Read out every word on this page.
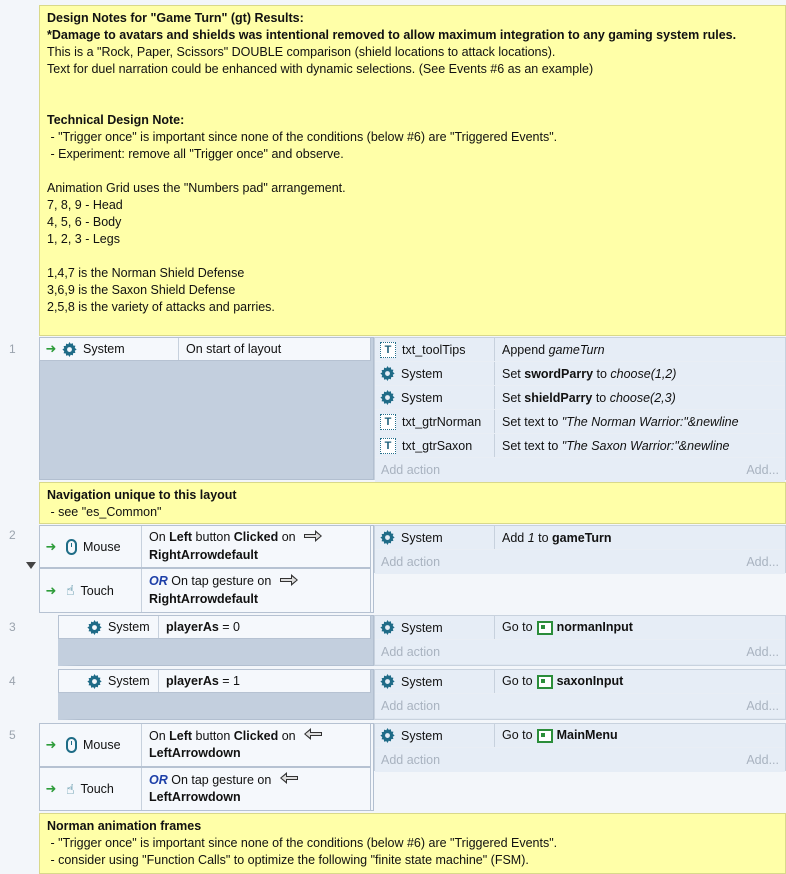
Design Notes for "Game Turn" (gt) Results:
*Damage to avatars and shields was intentional removed to allow maximum integration to any gaming system rules.
This is a "Rock, Paper, Scissors" DOUBLE comparison (shield locations to attack locations).
Text for duel narration could be enhanced with dynamic selections. (See Events #6 as an example)
Technical Design Note:
- "Trigger once" is important since none of the conditions (below #6) are "Triggered Events".
- Experiment: remove all "Trigger once" and observe.
Animation Grid uses the "Numbers pad" arrangement.
7, 8, 9 - Head
4, 5, 6 - Body
1, 2, 3 - Legs
1,4,7 is the Norman Shield Defense
3,6,9 is the Saxon Shield Defense
2,5,8 is the variety of attacks and parries.
1	➜	System	On start of layout	T txt_toolTips	Append gameTurn
System	Set swordParry to choose(1,2)
System	Set shieldParry to choose(2,3)
T txt_gtrNorman	Set text to "The Norman Warrior:"&newline
T txt_gtrSaxon	Set text to "The Saxon Warrior:"&newline
Add action	Add...
Navigation unique to this layout
- see "es_Common"
2
➜	Mouse
On Left button Clicked on
RightArrowdefault
➜ ☝ Touch
OR On tap gesture on
RightArrowdefault
System	Add 1 to gameTurn
Add action	Add...
3	System	playerAs = 0	System	Go to normanInput
Add action	Add...
4	System	playerAs = 1	System	Go to saxonInput
Add action	Add...
5
➜	Mouse
On Left button Clicked on
LeftArrowdown
➜ ☝ Touch
OR On tap gesture on
LeftArrowdown
System	Go to MainMenu
Add action	Add...
Norman animation frames
- "Trigger once" is important since none of the conditions (below #6) are "Triggered Events".
- consider using "Function Calls" to optimize the following "finite state machine" (FSM).
